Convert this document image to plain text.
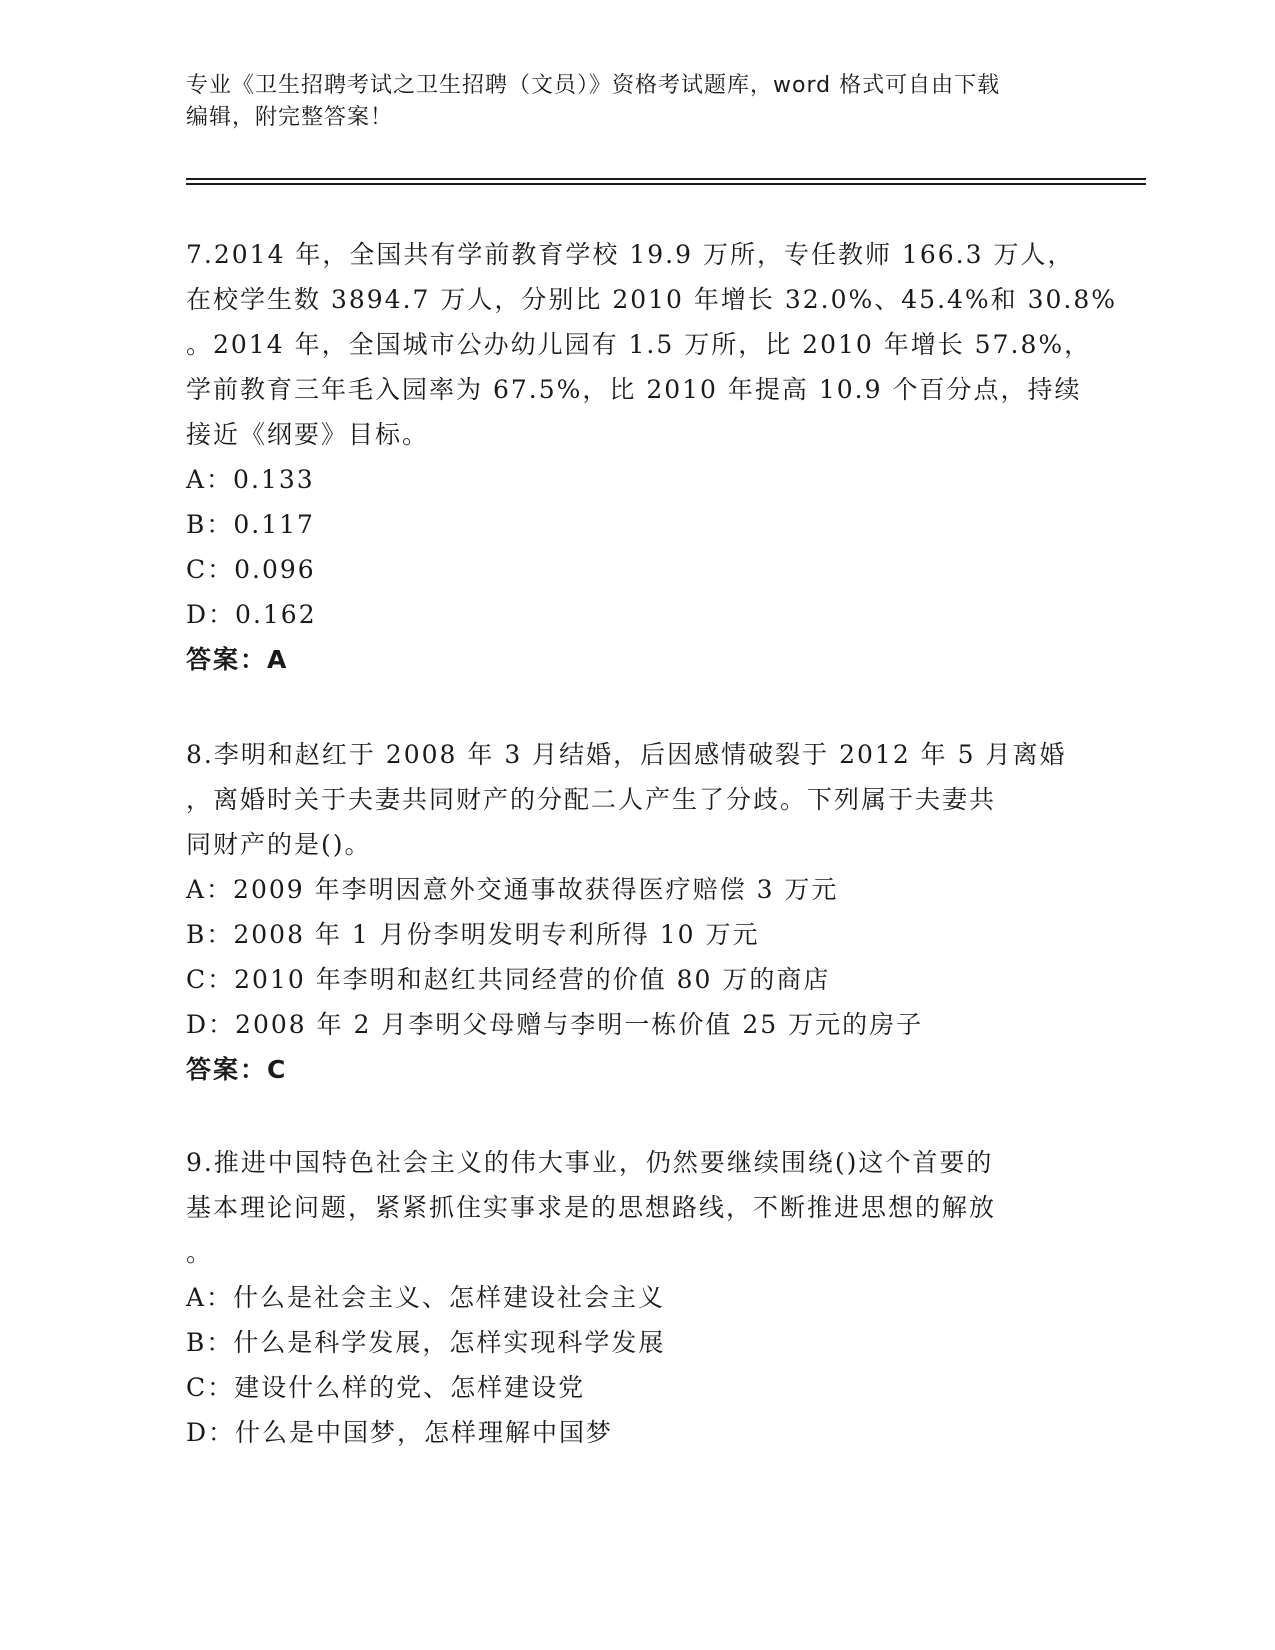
专业《卫生招聘考试之卫生招聘（文员）》资格考试题库，word 格式可自由下载
编辑，附完整答案！
7.2014 年，全国共有学前教育学校 19.9 万所，专任教师 166.3 万人，
在校学生数 3894.7 万人，分别比 2010 年增长 32.0%、45.4%和 30.8%
。2014 年，全国城市公办幼儿园有 1.5 万所，比 2010 年增长 57.8%，
学前教育三年毛入园率为 67.5%，比 2010 年提高 10.9 个百分点，持续
接近《纲要》目标。
A：0.133
B：0.117
C：0.096
D：0.162
答案：A
8.李明和赵红于 2008 年 3 月结婚，后因感情破裂于 2012 年 5 月离婚
，离婚时关于夫妻共同财产的分配二人产生了分歧。下列属于夫妻共
同财产的是()。
A：2009 年李明因意外交通事故获得医疗赔偿 3 万元
B：2008 年 1 月份李明发明专利所得 10 万元
C：2010 年李明和赵红共同经营的价值 80 万的商店
D：2008 年 2 月李明父母赠与李明一栋价值 25 万元的房子
答案：C
9.推进中国特色社会主义的伟大事业，仍然要继续围绕()这个首要的
基本理论问题，紧紧抓住实事求是的思想路线，不断推进思想的解放
。
A：什么是社会主义、怎样建设社会主义
B：什么是科学发展，怎样实现科学发展
C：建设什么样的党、怎样建设党
D：什么是中国梦，怎样理解中国梦
